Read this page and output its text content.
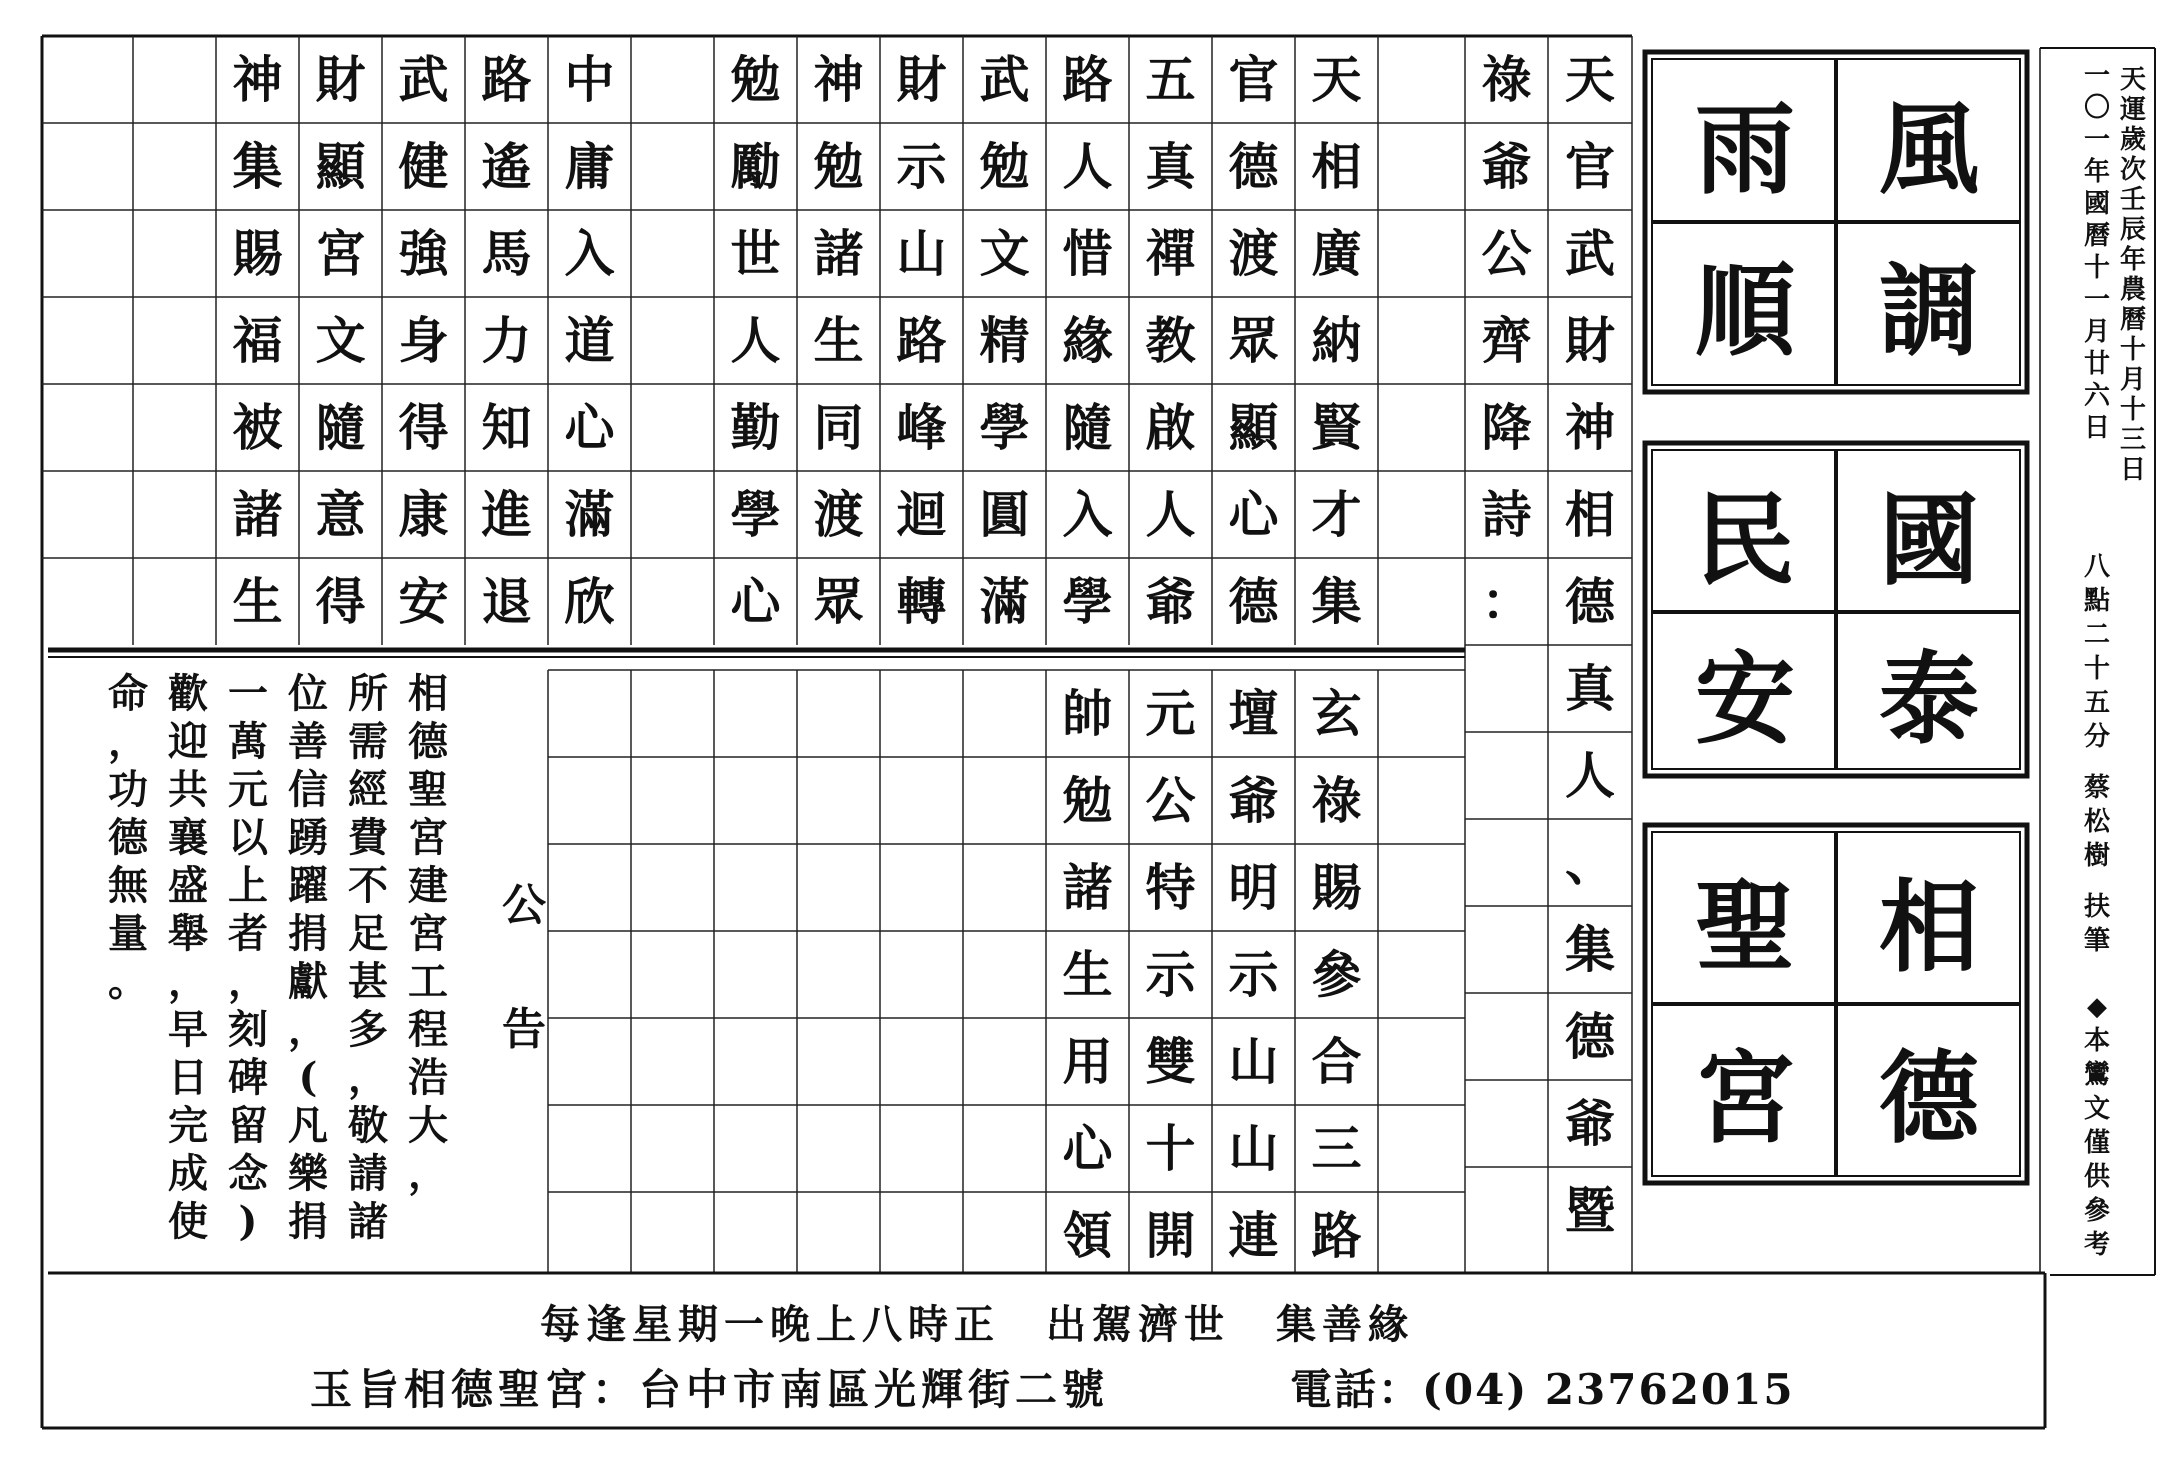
中
庸
入
道
心
滿
欣
路
遙
馬
力
知
進
退
武
健
強
身
得
康
安
財
顯
宮
文
隨
意
得
神
集
賜
福
被
諸
生
天
相
廣
納
賢
才
集
官
德
渡
眾
顯
心
德
五
真
禪
教
啟
人
爺
路
人
惜
緣
隨
入
學
武
勉
文
精
學
圓
滿
財
示
山
路
峰
迴
轉
神
勉
諸
生
同
渡
眾
勉
勵
世
人
勤
學
心
天
官
武
財
神
相
德
真
人
、
集
德
爺
暨
祿
爺
公
齊
降
詩
：
玄
祿
賜
參
合
三
路
壇
爺
明
示
山
山
連
元
公
特
示
雙
十
開
帥
勉
諸
生
用
心
領
公

告
相
德
聖
宮
建
宮
工
程
浩
大
，
所
需
經
費
不
足
甚
多
，
敬
請
諸
位
善
信
踴
躍
捐
獻
，
(
凡
樂
捐
一
萬
元
以
上
者
，
刻
碑
留
念
)
歡
迎
共
襄
盛
舉
，
早
日
完
成
使
命
，
功
德
無
量
。
風
雨
調
順
國
民
泰
安
相
聖
德
宮
天
運
歲
次
壬
辰
年
農
曆
十
月
十
三
日
一
〇
一
年
國
曆
十
一
月
廿
六
日
八
點
二
十
五
分
蔡
松
樹
扶
筆
◆
本
鸞
文
僅
供
參
考
每逢星期一晚上八時正　出駕濟世　集善緣
玉旨相德聖宮：台中市南區光輝街二號	電話：(04) 23762015
